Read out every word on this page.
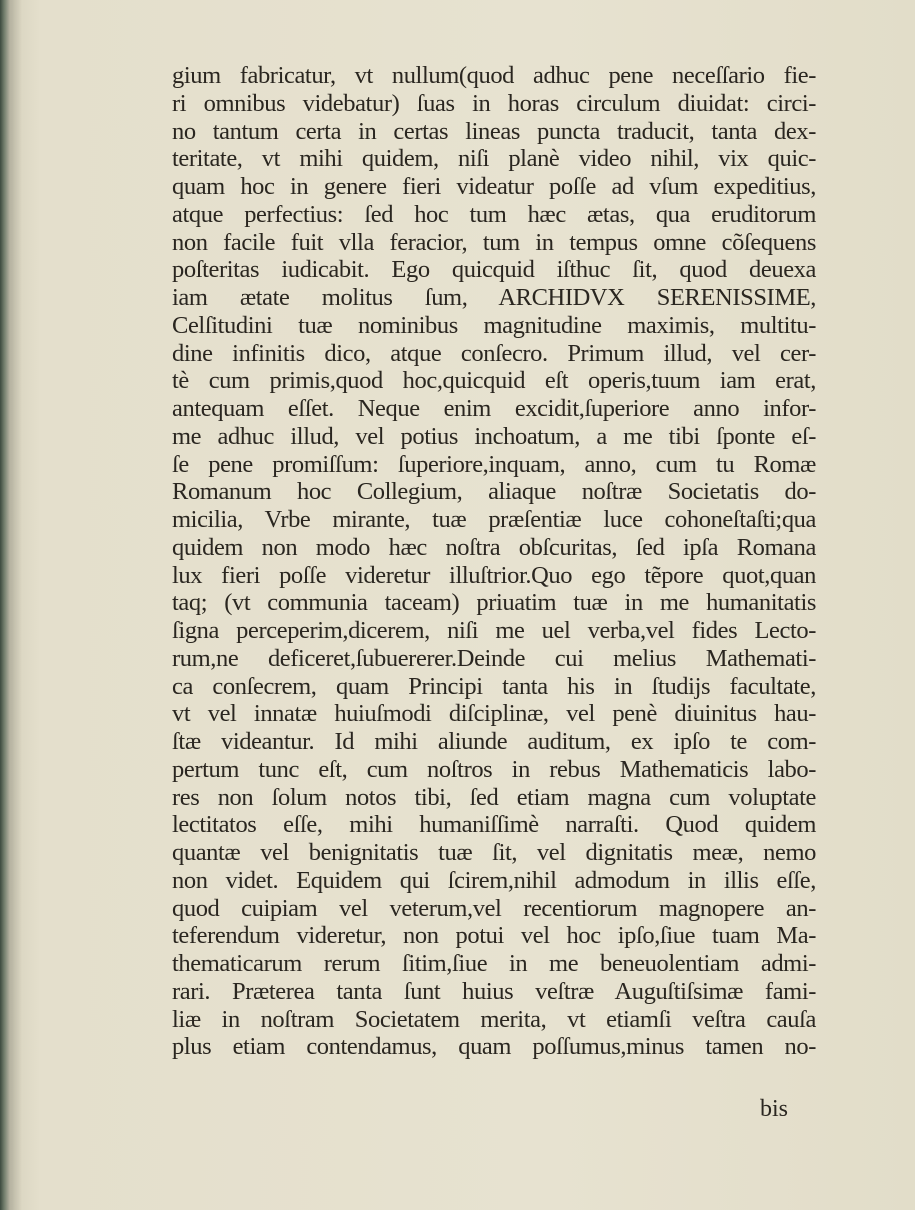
gium fabricatur, vt nullum(quod adhuc pene neceſſario fie-
ri omnibus videbatur) ſuas in horas circulum diuidat: circi-
no tantum certa in certas lineas puncta traducit, tanta dex-
teritate, vt mihi quidem, niſi planè video nihil, vix quic-
quam hoc in genere fieri videatur poſſe ad vſum expeditius,
atque perfectius: ſed hoc tum hæc ætas, qua eruditorum
non facile fuit vlla feracior, tum in tempus omne cõſequens
poſteritas iudicabit. Ego quicquid iſthuc ſit, quod deuexa
iam ætate molitus ſum, ARCHIDVX SERENISSIME,
Celſitudini tuæ nominibus magnitudine maximis, multitu-
dine infinitis dico, atque conſecro. Primum illud, vel cer-
tè cum primis,quod hoc,quicquid eſt operis,tuum iam erat,
antequam eſſet. Neque enim excidit,ſuperiore anno infor-
me adhuc illud, vel potius inchoatum, a me tibi ſponte eſ-
ſe pene promiſſum: ſuperiore,inquam, anno, cum tu Romæ
Romanum hoc Collegium, aliaque noſtræ Societatis do-
micilia, Vrbe mirante, tuæ præſentiæ luce cohoneſtaſti;qua
quidem non modo hæc noſtra obſcuritas, ſed ipſa Romana
lux fieri poſſe videretur illuſtrior.Quo ego tẽpore quot,quan
taq; (vt communia taceam) priuatim tuæ in me humanitatis
ſigna perceperim,dicerem, niſi me uel verba,vel fides Lecto-
rum,ne deficeret,ſubuererer.Deinde cui melius Mathemati-
ca conſecrem, quam Principi tanta his in ſtudijs facultate,
vt vel innatæ huiuſmodi diſciplinæ, vel penè diuinitus hau-
ſtæ videantur. Id mihi aliunde auditum, ex ipſo te com-
pertum tunc eſt, cum noſtros in rebus Mathematicis labo-
res non ſolum notos tibi, ſed etiam magna cum voluptate
lectitatos eſſe, mihi humaniſſimè narraſti. Quod quidem
quantæ vel benignitatis tuæ ſit, vel dignitatis meæ, nemo
non videt. Equidem qui ſcirem,nihil admodum in illis eſſe,
quod cuipiam vel veterum,vel recentiorum magnopere an-
teferendum videretur, non potui vel hoc ipſo,ſiue tuam Ma-
thematicarum rerum ſitim,ſiue in me beneuolentiam admi-
rari. Præterea tanta ſunt huius veſtræ Auguſtiſsimæ fami-
liæ in noſtram Societatem merita, vt etiamſi veſtra cauſa
plus etiam contendamus, quam poſſumus,minus tamen no-
bis
